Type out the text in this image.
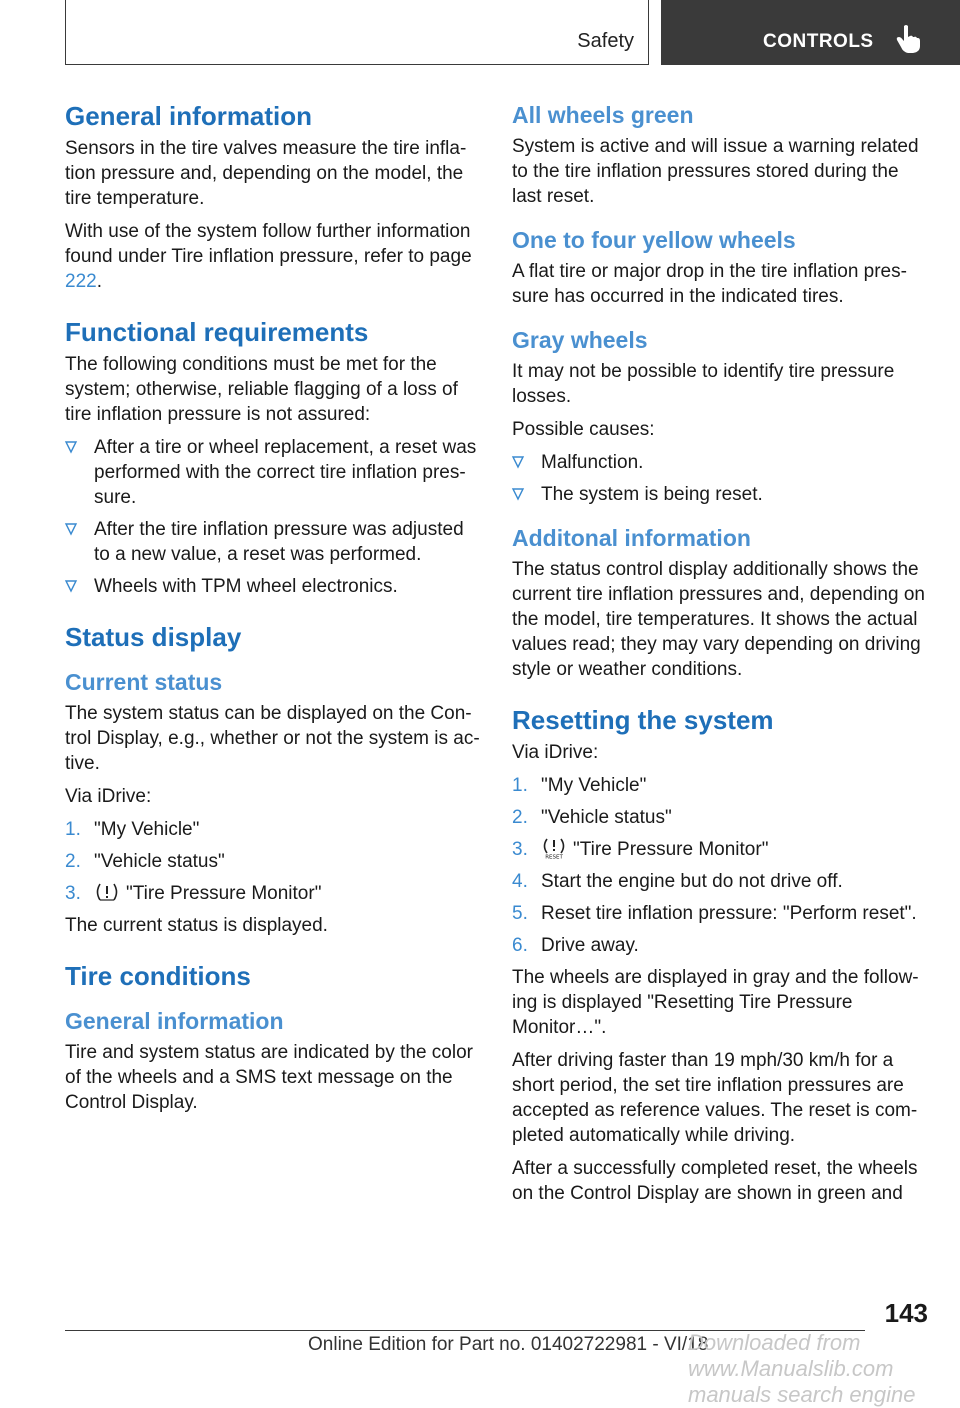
Safety	CONTROLS
General information

Sensors in the tire valves measure the tire infla-tion pressure and, depending on the model, the tire temperature.

With use of the system follow further information found under Tire inflation pressure, refer to page 222.

Functional requirements

The following conditions must be met for the system; otherwise, reliable flagging of a loss of tire inflation pressure is not assured:

After a tire or wheel replacement, a reset was performed with the correct tire inflation pres-sure.
After the tire inflation pressure was adjusted to a new value, a reset was performed.
Wheels with TPM wheel electronics.
Status display
Current status

The system status can be displayed on the Con-trol Display, e.g., whether or not the system is ac-tive.

Via iDrive:

1. "My Vehicle"
2. "Vehicle status"
3. "Tire Pressure Monitor"

The current status is displayed.

Tire conditions
General information

Tire and system status are indicated by the color of the wheels and a SMS text message on the Control Display.

All wheels green

System is active and will issue a warning related to the tire inflation pressures stored during the last reset.

One to four yellow wheels

A flat tire or major drop in the tire inflation pres-sure has occurred in the indicated tires.

Gray wheels

It may not be possible to identify tire pressure losses.

Possible causes:

Malfunction.
The system is being reset.
Additonal information

The status control display additionally shows the current tire inflation pressures and, depending on the model, tire temperatures. It shows the actual values read; they may vary depending on driving style or weather conditions.

Resetting the system

Via iDrive:

1. "My Vehicle"
2. "Vehicle status"
3.	RESET "Tire Pressure Monitor"
4. Start the engine but do not drive off.
5. Reset tire inflation pressure: "Perform reset".
6. Drive away.

The wheels are displayed in gray and the follow-ing is displayed "Resetting Tire Pressure Monitor…".

After driving faster than 19 mph/30 km/h for a short period, the set tire inflation pressures are accepted as reference values. The reset is com-pleted automatically while driving.

After a successfully completed reset, the wheels on the Control Display are shown in green and

143
Online Edition for Part no. 01402722981 - VI/18
Downloaded from www.Manualslib.com manuals search engine
